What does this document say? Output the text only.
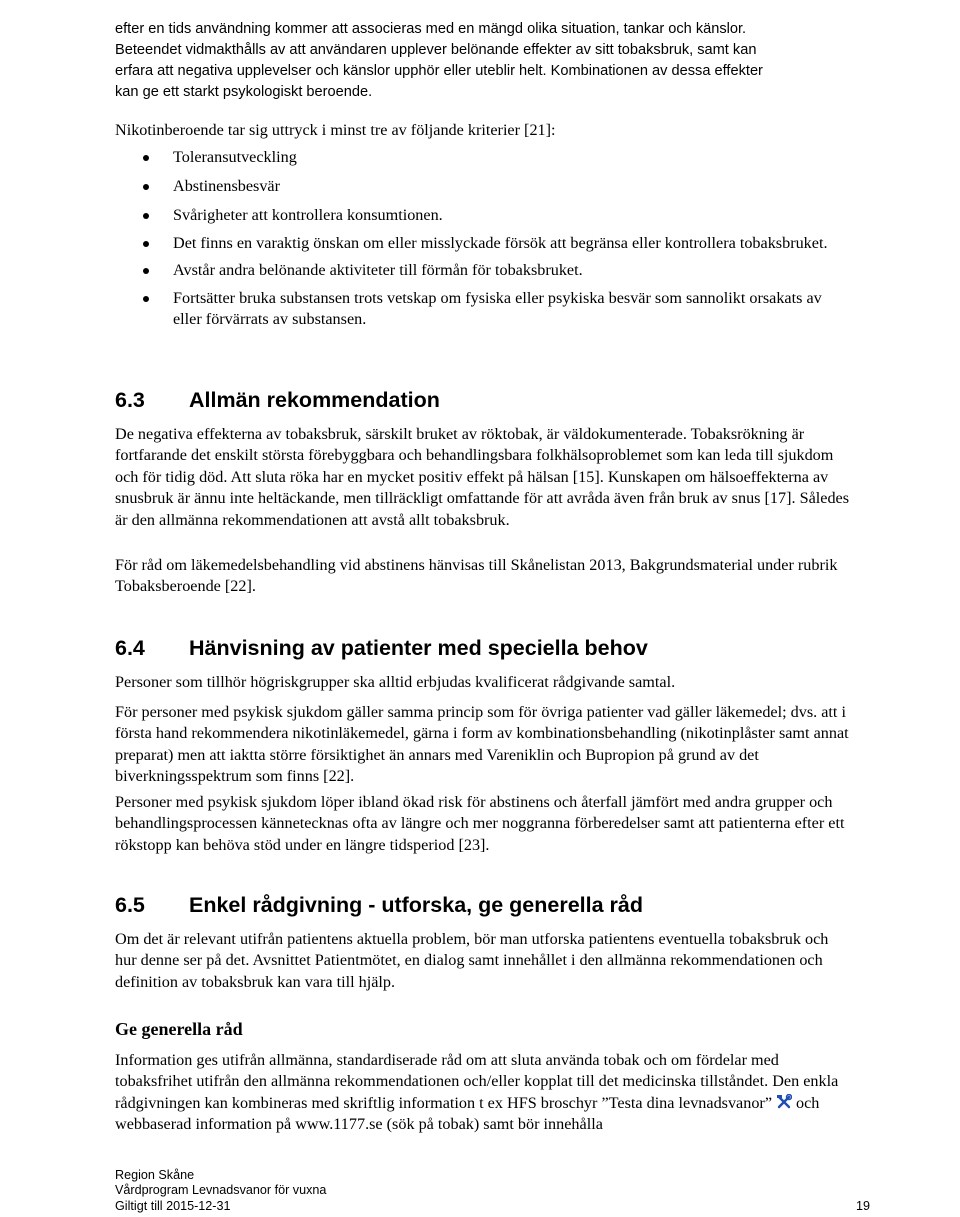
efter en tids användning kommer att associeras med en mängd olika situation, tankar och känslor.
Beteendet vidmakthålls av att användaren upplever belönande effekter av sitt tobaksbruk, samt kan
erfara att negativa upplevelser och känslor upphör eller uteblir helt. Kombinationen av dessa effekter
kan ge ett starkt psykologiskt beroende.

Nikotinberoende tar sig uttryck i minst tre av följande kriterier [21]:

Toleransutveckling
Abstinensbesvär
Svårigheter att kontrollera konsumtionen.
Det finns en varaktig önskan om eller misslyckade försök att begränsa eller kontrollera tobaksbruket.
Avstår andra belönande aktiviteter till förmån för tobaksbruket.
Fortsätter bruka substansen trots vetskap om fysiska eller psykiska besvär som sannolikt orsakats av eller förvärrats av substansen.
6.3 Allmän rekommendation

De negativa effekterna av tobaksbruk, särskilt bruket av röktobak, är väldokumenterade. Tobaksrökning är fortfarande det enskilt största förebyggbara och behandlingsbara folkhälsoproblemet som kan leda till sjukdom och för tidig död. Att sluta röka har en mycket positiv effekt på hälsan [15]. Kunskapen om hälsoeffekterna av snusbruk är ännu inte heltäckande, men tillräckligt omfattande för att avråda även från bruk av snus [17]. Således är den allmänna rekommendationen att avstå allt tobaksbruk.

För råd om läkemedelsbehandling vid abstinens hänvisas till Skånelistan 2013, Bakgrundsmaterial under rubrik Tobaksberoende [22].

6.4 Hänvisning av patienter med speciella behov

Personer som tillhör högriskgrupper ska alltid erbjudas kvalificerat rådgivande samtal.

För personer med psykisk sjukdom gäller samma princip som för övriga patienter vad gäller läkemedel; dvs. att i första hand rekommendera nikotinläkemedel, gärna i form av kombinationsbehandling (nikotinplåster samt annat preparat) men att iaktta större försiktighet än annars med Vareniklin och Bupropion på grund av det biverkningsspektrum som finns [22].

Personer med psykisk sjukdom löper ibland ökad risk för abstinens och återfall jämfört med andra grupper och behandlingsprocessen kännetecknas ofta av längre och mer noggranna förberedelser samt att patienterna efter ett rökstopp kan behöva stöd under en längre tidsperiod [23].

6.5 Enkel rådgivning - utforska, ge generella råd

Om det är relevant utifrån patientens aktuella problem, bör man utforska patientens eventuella tobaksbruk och hur denne ser på det. Avsnittet Patientmötet, en dialog samt innehållet i den allmänna rekommendationen och definition av tobaksbruk kan vara till hjälp.

Ge generella råd

Information ges utifrån allmänna, standardiserade råd om att sluta använda tobak och om fördelar med tobaksfrihet utifrån den allmänna rekommendationen och/eller kopplat till det medicinska tillståndet. Den enkla rådgivningen kan kombineras med skriftlig information t ex HFS broschyr ”Testa dina levnadsvanor” och webbaserad information på www.1177.se (sök på tobak) samt bör innehålla

Region Skåne
Vårdprogram Levnadsvanor för vuxna
Giltigt till 2015-12-31	19
